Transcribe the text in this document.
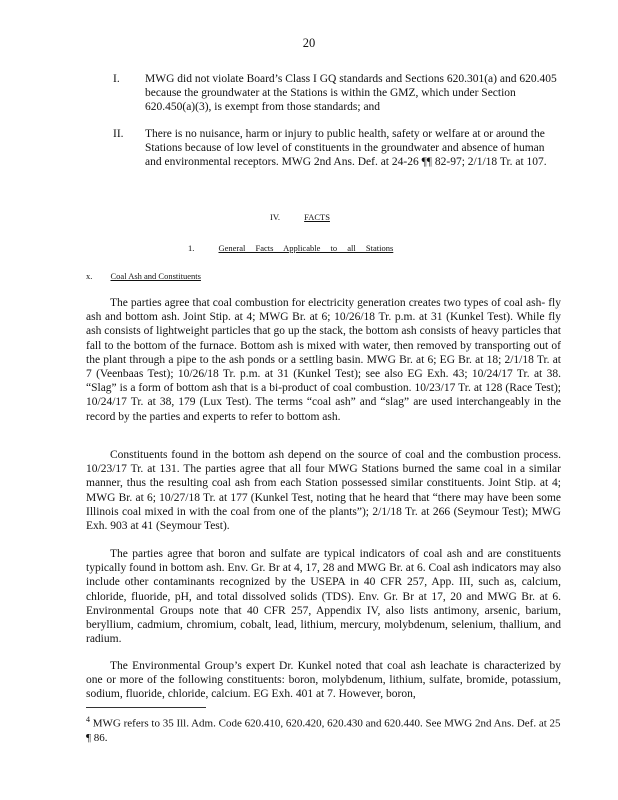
20
I. MWG did not violate Board’s Class I GQ standards and Sections 620.301(a) and 620.405 because the groundwater at the Stations is within the GMZ, which under Section 620.450(a)(3), is exempt from those standards; and
II. There is no nuisance, harm or injury to public health, safety or welfare at or around the Stations because of low level of constituents in the groundwater and absence of human and environmental receptors. MWG 2nd Ans. Def. at 24-26 ¶¶ 82-97; 2/1/18 Tr. at 107.
IV.	FACTS
1.	General Facts Applicable to all Stations
x. Coal Ash and Constituents

The parties agree that coal combustion for electricity generation creates two types of coal ash- fly ash and bottom ash. Joint Stip. at 4; MWG Br. at 6; 10/26/18 Tr. p.m. at 31 (Kunkel Test). While fly ash consists of lightweight particles that go up the stack, the bottom ash consists of heavy particles that fall to the bottom of the furnace. Bottom ash is mixed with water, then removed by transporting out of the plant through a pipe to the ash ponds or a settling basin. MWG Br. at 6; EG Br. at 18; 2/1/18 Tr. at 7 (Veenbaas Test); 10/26/18 Tr. p.m. at 31 (Kunkel Test); see also EG Exh. 43; 10/24/17 Tr. at 38. “Slag” is a form of bottom ash that is a bi-product of coal combustion. 10/23/17 Tr. at 128 (Race Test); 10/24/17 Tr. at 38, 179 (Lux Test). The terms “coal ash” and “slag” are used interchangeably in the record by the parties and experts to refer to bottom ash.

Constituents found in the bottom ash depend on the source of coal and the combustion process. 10/23/17 Tr. at 131. The parties agree that all four MWG Stations burned the same coal in a similar manner, thus the resulting coal ash from each Station possessed similar constituents. Joint Stip. at 4; MWG Br. at 6; 10/27/18 Tr. at 177 (Kunkel Test, noting that he heard that “there may have been some Illinois coal mixed in with the coal from one of the plants”); 2/1/18 Tr. at 266 (Seymour Test); MWG Exh. 903 at 41 (Seymour Test).

The parties agree that boron and sulfate are typical indicators of coal ash and are constituents typically found in bottom ash. Env. Gr. Br at 4, 17, 28 and MWG Br. at 6. Coal ash indicators may also include other contaminants recognized by the USEPA in 40 CFR 257, App. III, such as, calcium, chloride, fluoride, pH, and total dissolved solids (TDS). Env. Gr. Br at 17, 20 and MWG Br. at 6. Environmental Groups note that 40 CFR 257, Appendix IV, also lists antimony, arsenic, barium, beryllium, cadmium, chromium, cobalt, lead, lithium, mercury, molybdenum, selenium, thallium, and radium.

The Environmental Group’s expert Dr. Kunkel noted that coal ash leachate is characterized by one or more of the following constituents: boron, molybdenum, lithium, sulfate, bromide, potassium, sodium, fluoride, chloride, calcium. EG Exh. 401 at 7. However, boron,

$^4$ MWG refers to 35 Ill. Adm. Code 620.410, 620.420, 620.430 and 620.440. See MWG 2nd Ans. Def. at 25 ¶ 86.
